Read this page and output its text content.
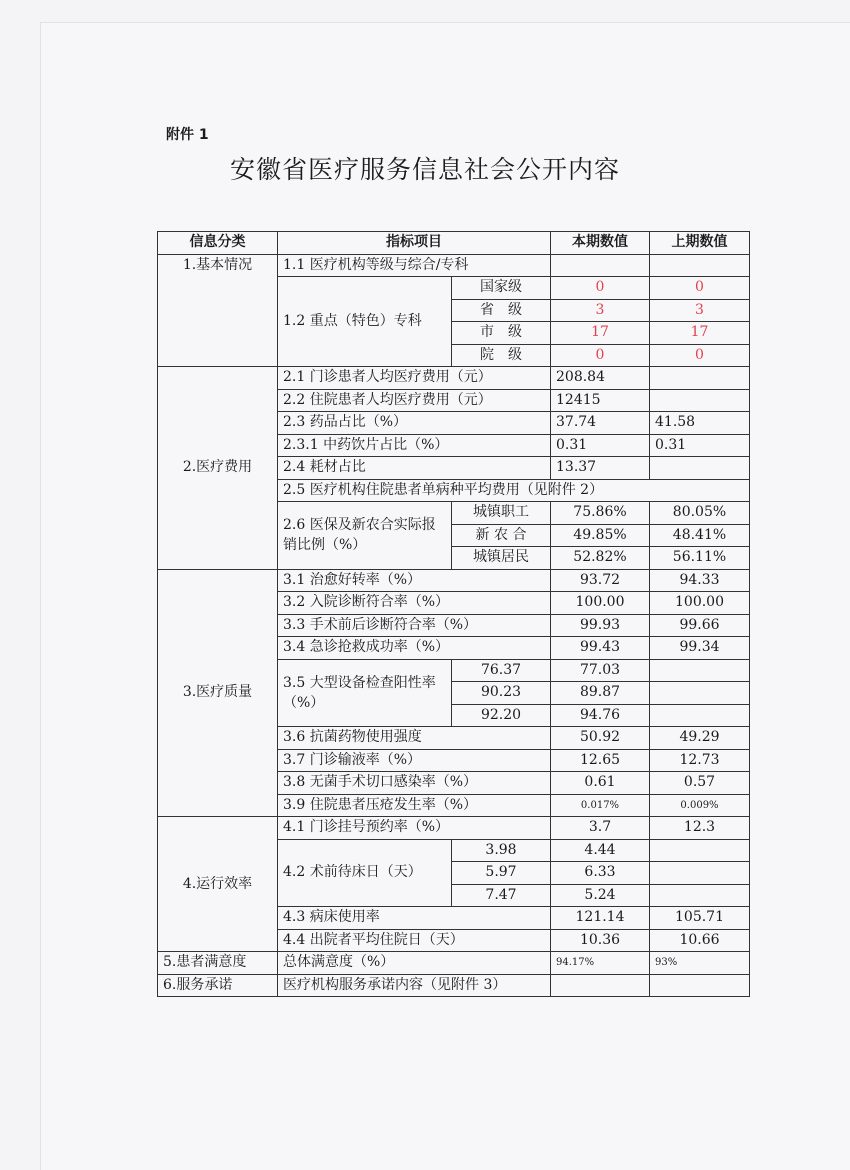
附件 1
安徽省医疗服务信息社会公开内容
信息分类	指标项目		本期数值	上期数值
1.基本情况	1.1 医疗机构等级与综合/专科			
	1.2 重点（特色）专科	国家级	0	0
		省　级	3	3
		市　级	17	17
		院　级	0	0
2.医疗费用	2.1 门诊患者人均医疗费用（元）		208.84	
	2.2 住院患者人均医疗费用（元）		12415	
	2.3 药品占比（%）		37.74	41.58
	2.3.1 中药饮片占比（%）		0.31	0.31
	2.4 耗材占比		13.37	
	2.5 医疗机构住院患者单病种平均费用（见附件 2）			
	2.6 医保及新农合实际报销比例（%）	城镇职工	75.86%	80.05%
		新 农 合	49.85%	48.41%
		城镇居民	52.82%	56.11%
3.医疗质量	3.1 治愈好转率（%）		93.72	94.33
	3.2 入院诊断符合率（%）		100.00	100.00
	3.3 手术前后诊断符合率（%）		99.93	99.66
	3.4 急诊抢救成功率（%）		99.43	99.34
	3.5 大型设备检查阳性率（%）	76.37	77.03	
		90.23	89.87	
		92.20	94.76	
	3.6 抗菌药物使用强度		50.92	49.29
	3.7 门诊输液率（%）		12.65	12.73
	3.8 无菌手术切口感染率（%）		0.61	0.57
	3.9 住院患者压疮发生率（%）		0.017%	0.009%
4.运行效率	4.1 门诊挂号预约率（%）		3.7	12.3
	4.2 术前待床日（天）	3.98	4.44	
		5.97	6.33	
		7.47	5.24	
	4.3 病床使用率		121.14	105.71
	4.4 出院者平均住院日（天）		10.36	10.66
5.患者满意度	总体满意度（%）		94.17%	93%
6.服务承诺	医疗机构服务承诺内容（见附件 3）			
